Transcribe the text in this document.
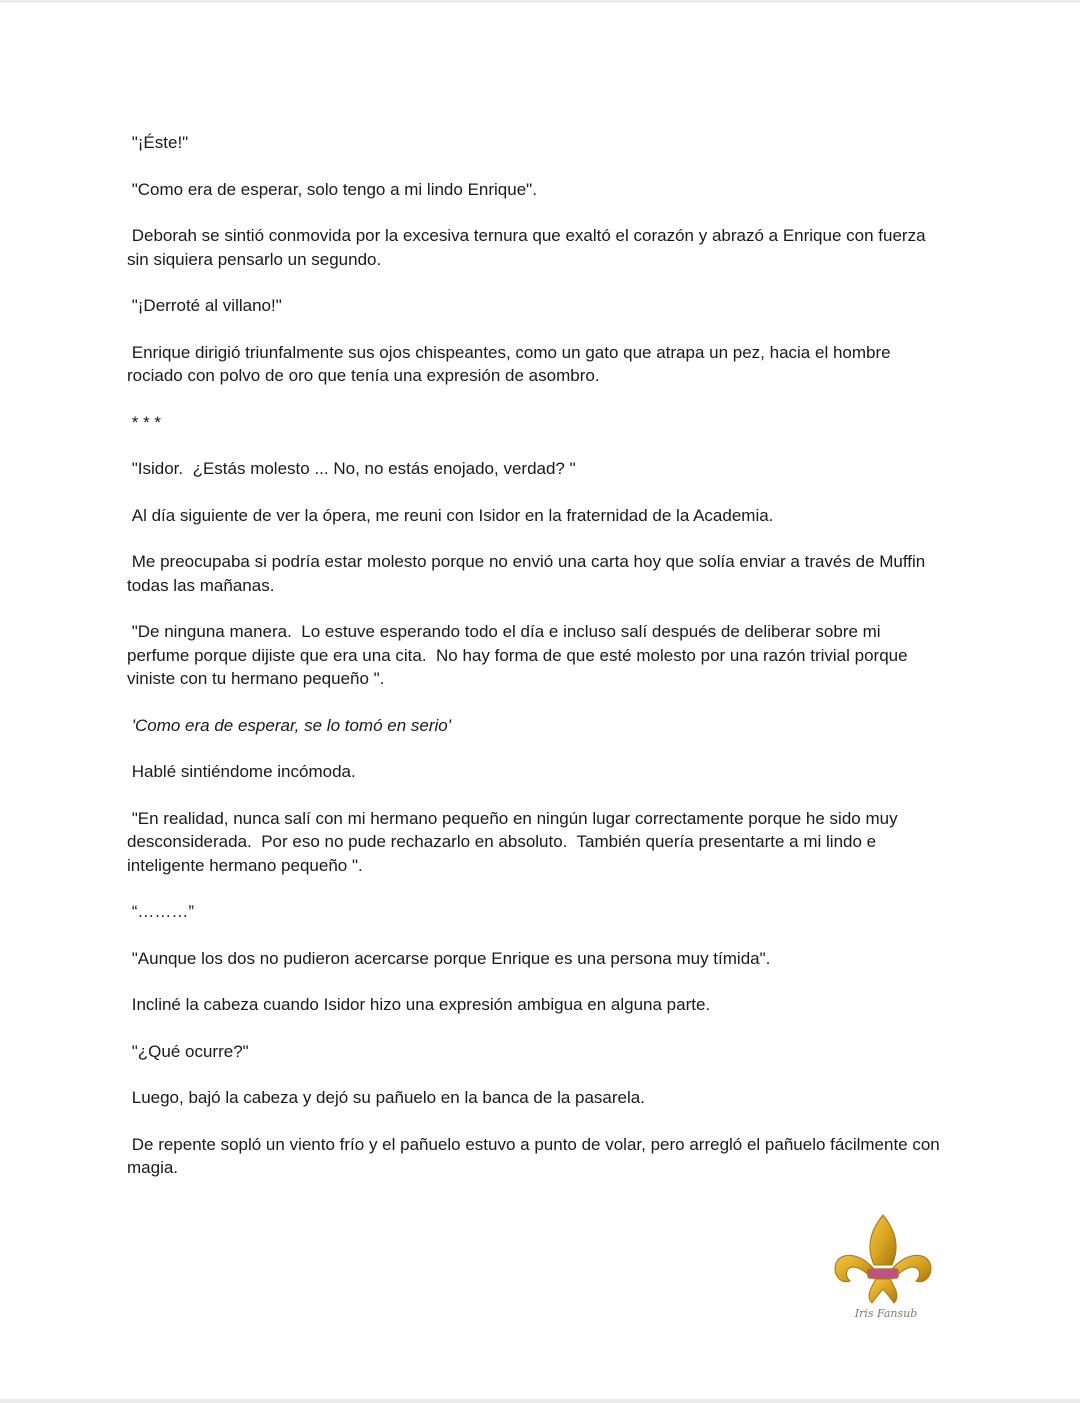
"¡Éste!"

"Como era de esperar, solo tengo a mi lindo Enrique".

Deborah se sintió conmovida por la excesiva ternura que exaltó el corazón y abrazó a Enrique con fuerza sin siquiera pensarlo un segundo.

"¡Derroté al villano!"

Enrique dirigió triunfalmente sus ojos chispeantes, como un gato que atrapa un pez, hacia el hombre rociado con polvo de oro que tenía una expresión de asombro.

* * *

"Isidor.  ¿Estás molesto ... No, no estás enojado, verdad? "

Al día siguiente de ver la ópera, me reuni con Isidor en la fraternidad de la Academia.

Me preocupaba si podría estar molesto porque no envió una carta hoy que solía enviar a través de Muffin todas las mañanas.

"De ninguna manera.  Lo estuve esperando todo el día e incluso salí después de deliberar sobre mi perfume porque dijiste que era una cita.  No hay forma de que esté molesto por una razón trivial porque viniste con tu hermano pequeño ".

'Como era de esperar, se lo tomó en serio'

Hablé sintiéndome incómoda.

"En realidad, nunca salí con mi hermano pequeño en ningún lugar correctamente porque he sido muy desconsiderada.  Por eso no pude rechazarlo en absoluto.  También quería presentarte a mi lindo e inteligente hermano pequeño ".

“………”

"Aunque los dos no pudieron acercarse porque Enrique es una persona muy tímida".

Incliné la cabeza cuando Isidor hizo una expresión ambigua en alguna parte.

"¿Qué ocurre?"

Luego, bajó la cabeza y dejó su pañuelo en la banca de la pasarela.

De repente sopló un viento frío y el pañuelo estuvo a punto de volar, pero arregló el pañuelo fácilmente con magia.

Iris Fansub
